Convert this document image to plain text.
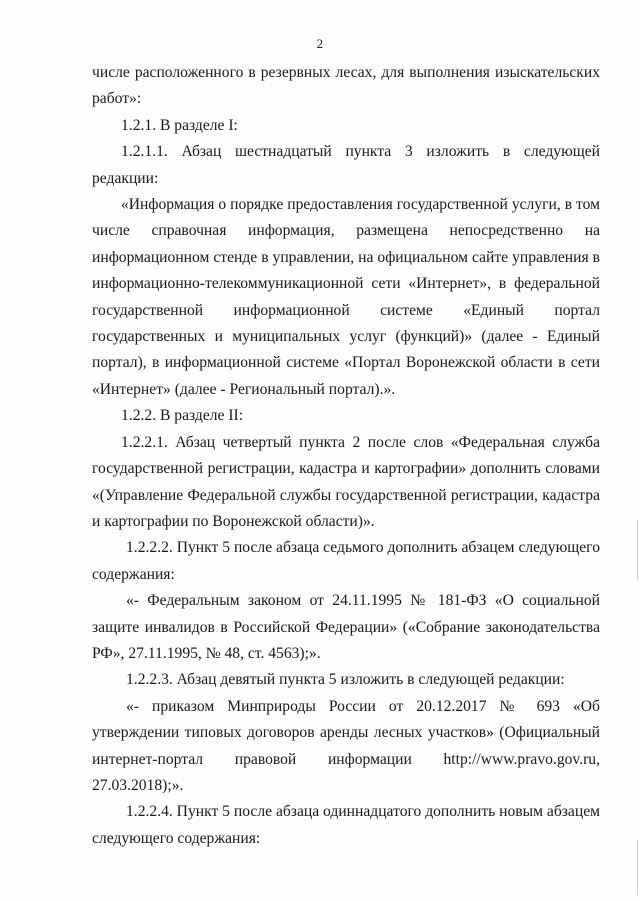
2

числе расположенного в резервных лесах, для выполнения изыскательских работ»:

1.2.1. В разделе I:

1.2.1.1. Абзац шестнадцатый пункта 3 изложить в следующей редакции:

«Информация о порядке предоставления государственной услуги, в том числе справочная информация, размещена непосредственно на информационном стенде в управлении, на официальном сайте управления в информационно-телекоммуникационной сети «Интернет», в федеральной государственной информационной системе «Единый портал государственных и муниципальных услуг (функций)» (далее - Единый портал), в информационной системе «Портал Воронежской области в сети «Интернет» (далее - Региональный портал).».

1.2.2. В разделе II:

1.2.2.1. Абзац четвертый пункта 2 после слов «Федеральная служба государственной регистрации, кадастра и картографии» дополнить словами «(Управление Федеральной службы государственной регистрации, кадастра и картографии по Воронежской области)».

1.2.2.2. Пункт 5 после абзаца седьмого дополнить абзацем следующего содержания:

«- Федеральным законом от 24.11.1995 № 181-ФЗ «О социальной защите инвалидов в Российской Федерации» («Собрание законодательства РФ», 27.11.1995, № 48, ст. 4563);».

1.2.2.3. Абзац девятый пункта 5 изложить в следующей редакции:

«- приказом Минприроды России от 20.12.2017 № 693 «Об утверждении типовых договоров аренды лесных участков» (Официальный интернет-портал правовой информации http://www.pravo.gov.ru, 27.03.2018);».

1.2.2.4. Пункт 5 после абзаца одиннадцатого дополнить новым абзацем следующего содержания:
